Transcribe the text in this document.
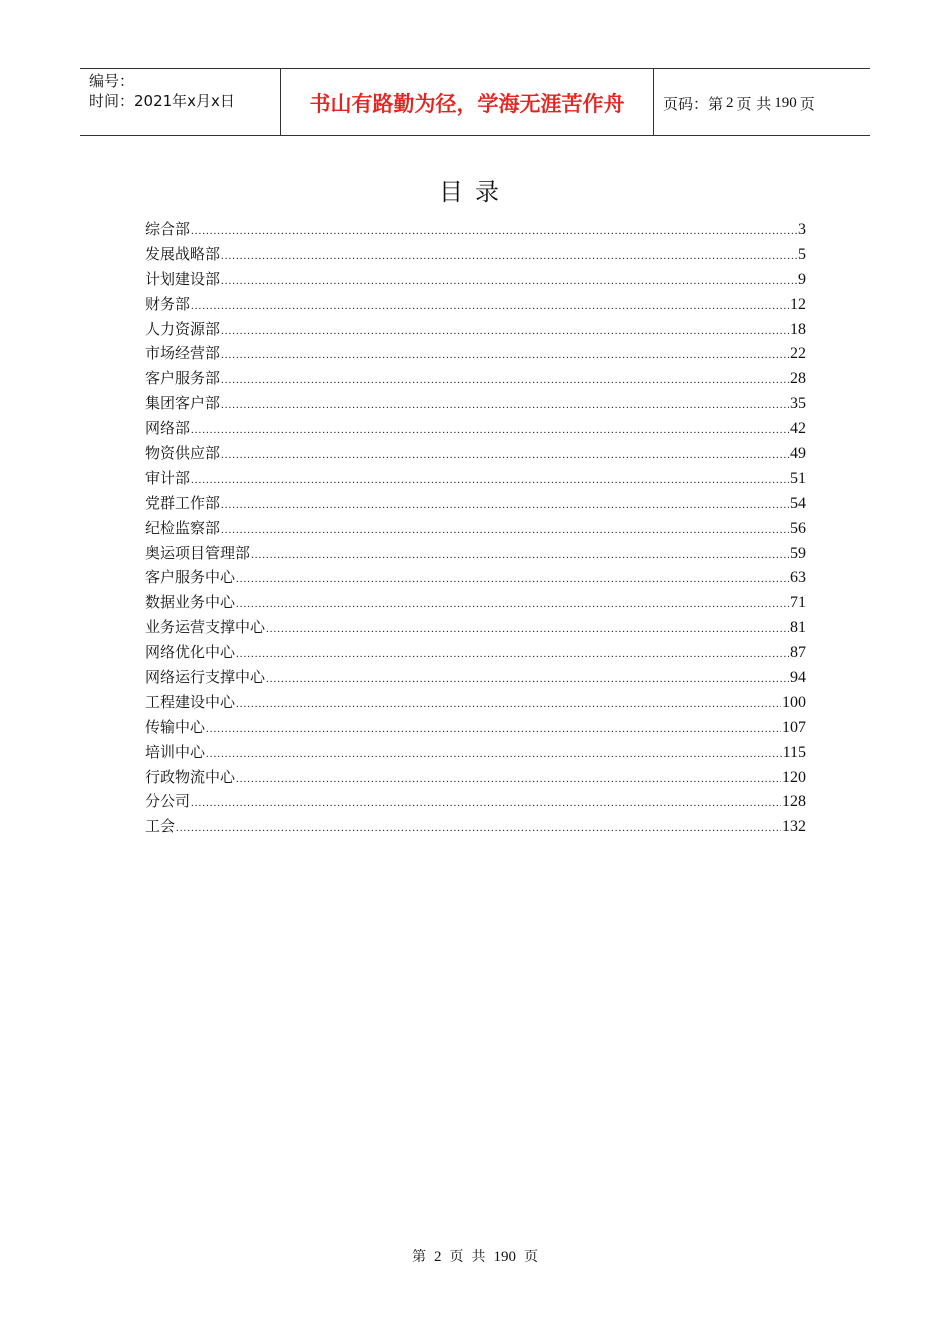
编号：
时间：2021年x月x日	书山有路勤为径，学海无涯苦作舟	页码：第 2 页 共 190 页
目录
综合部 .....	3
发展战略部 .....	5
计划建设部 .....	9
财务部 .....	12
人力资源部 .....	18
市场经营部 .....	22
客户服务部 .....	28
集团客户部 .....	35
网络部 .....	42
物资供应部 .....	49
审计部 .....	51
党群工作部 .....	54
纪检监察部 .....	56
奥运项目管理部 .....	59
客户服务中心 .....	63
数据业务中心 .....	71
业务运营支撑中心 .....	81
网络优化中心 .....	87
网络运行支撑中心 .....	94
工程建设中心 .....	100
传输中心 .....	107
培训中心 .....	115
行政物流中心 .....	120
分公司 .....	128
工会 .....	132
第 2 页 共 190 页
